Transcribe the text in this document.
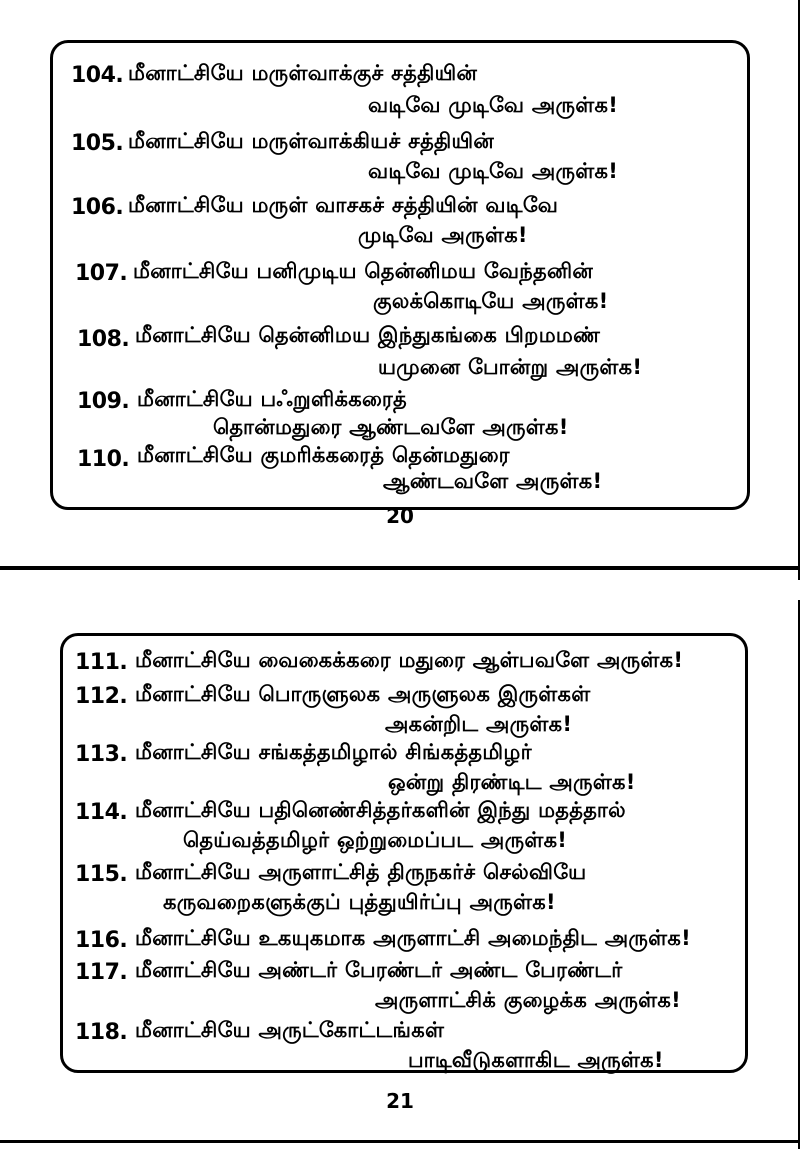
104. மீனாட்சியே மருள்வாக்குச் சத்தியின்
வடிவே முடிவே அருள்க!
105. மீனாட்சியே மருள்வாக்கியச் சத்தியின்
வடிவே முடிவே அருள்க!
106. மீனாட்சியே மருள் வாசகச் சத்தியின் வடிவே
முடிவே அருள்க!
107. மீனாட்சியே பனிமுடிய தென்னிமய வேந்தனின்
குலக்கொடியே அருள்க!
108. மீனாட்சியே தென்னிமய இந்துகங்கை பிறமமண்
யமுனை போன்று அருள்க!
109. மீனாட்சியே பஃறுளிக்கரைத்
தொன்மதுரை ஆண்டவளே அருள்க!
110. மீனாட்சியே குமரிக்கரைத் தென்மதுரை
ஆண்டவளே அருள்க!
20
111. மீனாட்சியே வைகைக்கரை மதுரை ஆள்பவளே அருள்க!
112. மீனாட்சியே பொருளுலக அருளுலக இருள்கள்
அகன்றிட அருள்க!
113. மீனாட்சியே சங்கத்தமிழால் சிங்கத்தமிழர்
ஒன்று திரண்டிட அருள்க!
114. மீனாட்சியே பதினெண்சித்தர்களின் இந்து மதத்தால்
தெய்வத்தமிழர் ஒற்றுமைப்பட அருள்க!
115. மீனாட்சியே அருளாட்சித் திருநகர்ச் செல்வியே
கருவறைகளுக்குப் புத்துயிர்ப்பு அருள்க!
116. மீனாட்சியே உகயுகமாக அருளாட்சி அமைந்திட அருள்க!
117. மீனாட்சியே அண்டர் பேரண்டர் அண்ட பேரண்டர்
அருளாட்சிக் குழைக்க அருள்க!
118. மீனாட்சியே அருட்கோட்டங்கள்
பாடிவீடுகளாகிட அருள்க!
21
